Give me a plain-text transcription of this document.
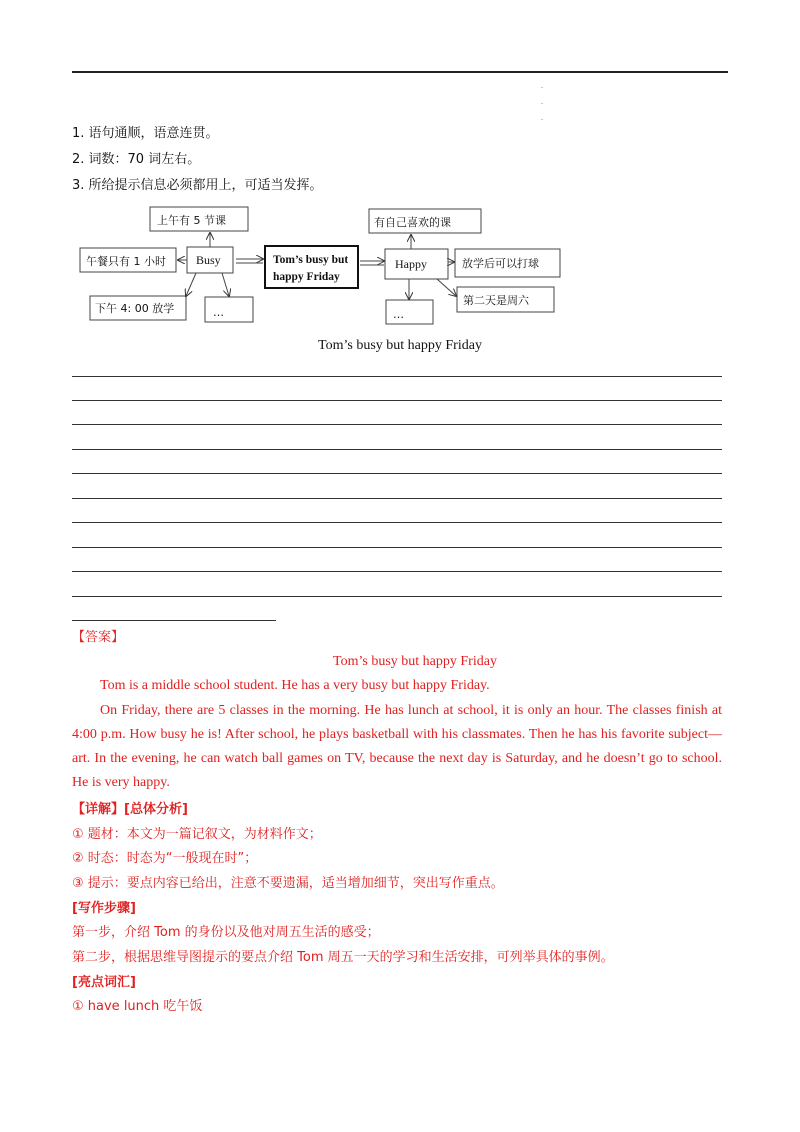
.
.
.
1. 语句通顺，语意连贯。
2. 词数：70 词左右。
3. 所给提示信息必须都用上，可适当发挥。
上午有 5 节课
午餐只有 1 小时
下午 4: 00 放学	…
有自己喜欢的课
放学后可以打球
第二天是周六
…
Busy	Happy
Tom’s busy but
happy Friday
Tom’s busy but happy Friday
【答案】
Tom’s busy but happy Friday
Tom is a middle school student. He has a very busy but happy Friday.
On Friday, there are 5 classes in the morning. He has lunch at school, it is only an hour. The classes finish at 4:00 p.m. How busy he is! After school, he plays basketball with his classmates. Then he has his favorite subject—art. In the evening, he can watch ball games on TV, because the next day is Saturday, and he doesn’t go to school. He is very happy.
【详解】[总体分析]
① 题材：本文为一篇记叙文，为材料作文；
② 时态：时态为“一般现在时”；
③ 提示：要点内容已给出，注意不要遗漏，适当增加细节，突出写作重点。
[写作步骤]
第一步，介绍 Tom 的身份以及他对周五生活的感受；
第二步，根据思维导图提示的要点介绍 Tom 周五一天的学习和生活安排，可列举具体的事例。
[亮点词汇]
① have lunch 吃午饭
